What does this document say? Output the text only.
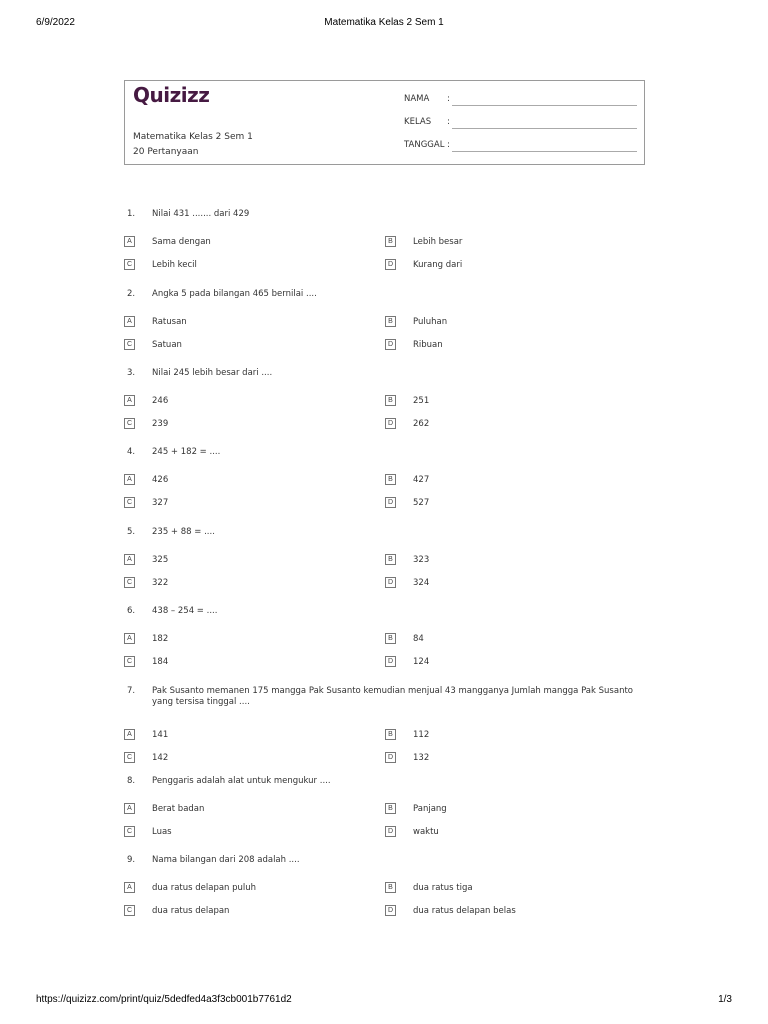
6/9/2022	Matematika Kelas 2 Sem 1
Quizizz
Matematika Kelas 2 Sem 1
20 Pertanyaan
NAMA :
KELAS :
TANGGAL :
1. Nilai 431 ....... dari 429
A	Sama dengan	B	Lebih besar
C	Lebih kecil	D	Kurang dari
2. Angka 5 pada bilangan 465 bernilai ....
A	Ratusan	B	Puluhan
C	Satuan	D	Ribuan
3. Nilai 245 lebih besar dari ....
A	246	B	251
C	239	D	262
4. 245 + 182 = ....
A	426	B	427
C	327	D	527
5. 235 + 88 = ....
A	325	B	323
C	322	D	324
6. 438 – 254 = ....
A	182	B	84
C	184	D	124
7. Pak Susanto memanen 175 mangga Pak Susanto kemudian menjual 43 mangganya Jumlah mangga Pak Susanto yang tersisa tinggal ....
A	141	B	112
C	142	D	132
8. Penggaris adalah alat untuk mengukur ....
A	Berat badan	B	Panjang
C	Luas	D	waktu
9. Nama bilangan dari 208 adalah ....
A	dua ratus delapan puluh	B	dua ratus tiga
C	dua ratus delapan	D	dua ratus delapan belas
https://quizizz.com/print/quiz/5dedfed4a3f3cb001b7761d2	1/3
